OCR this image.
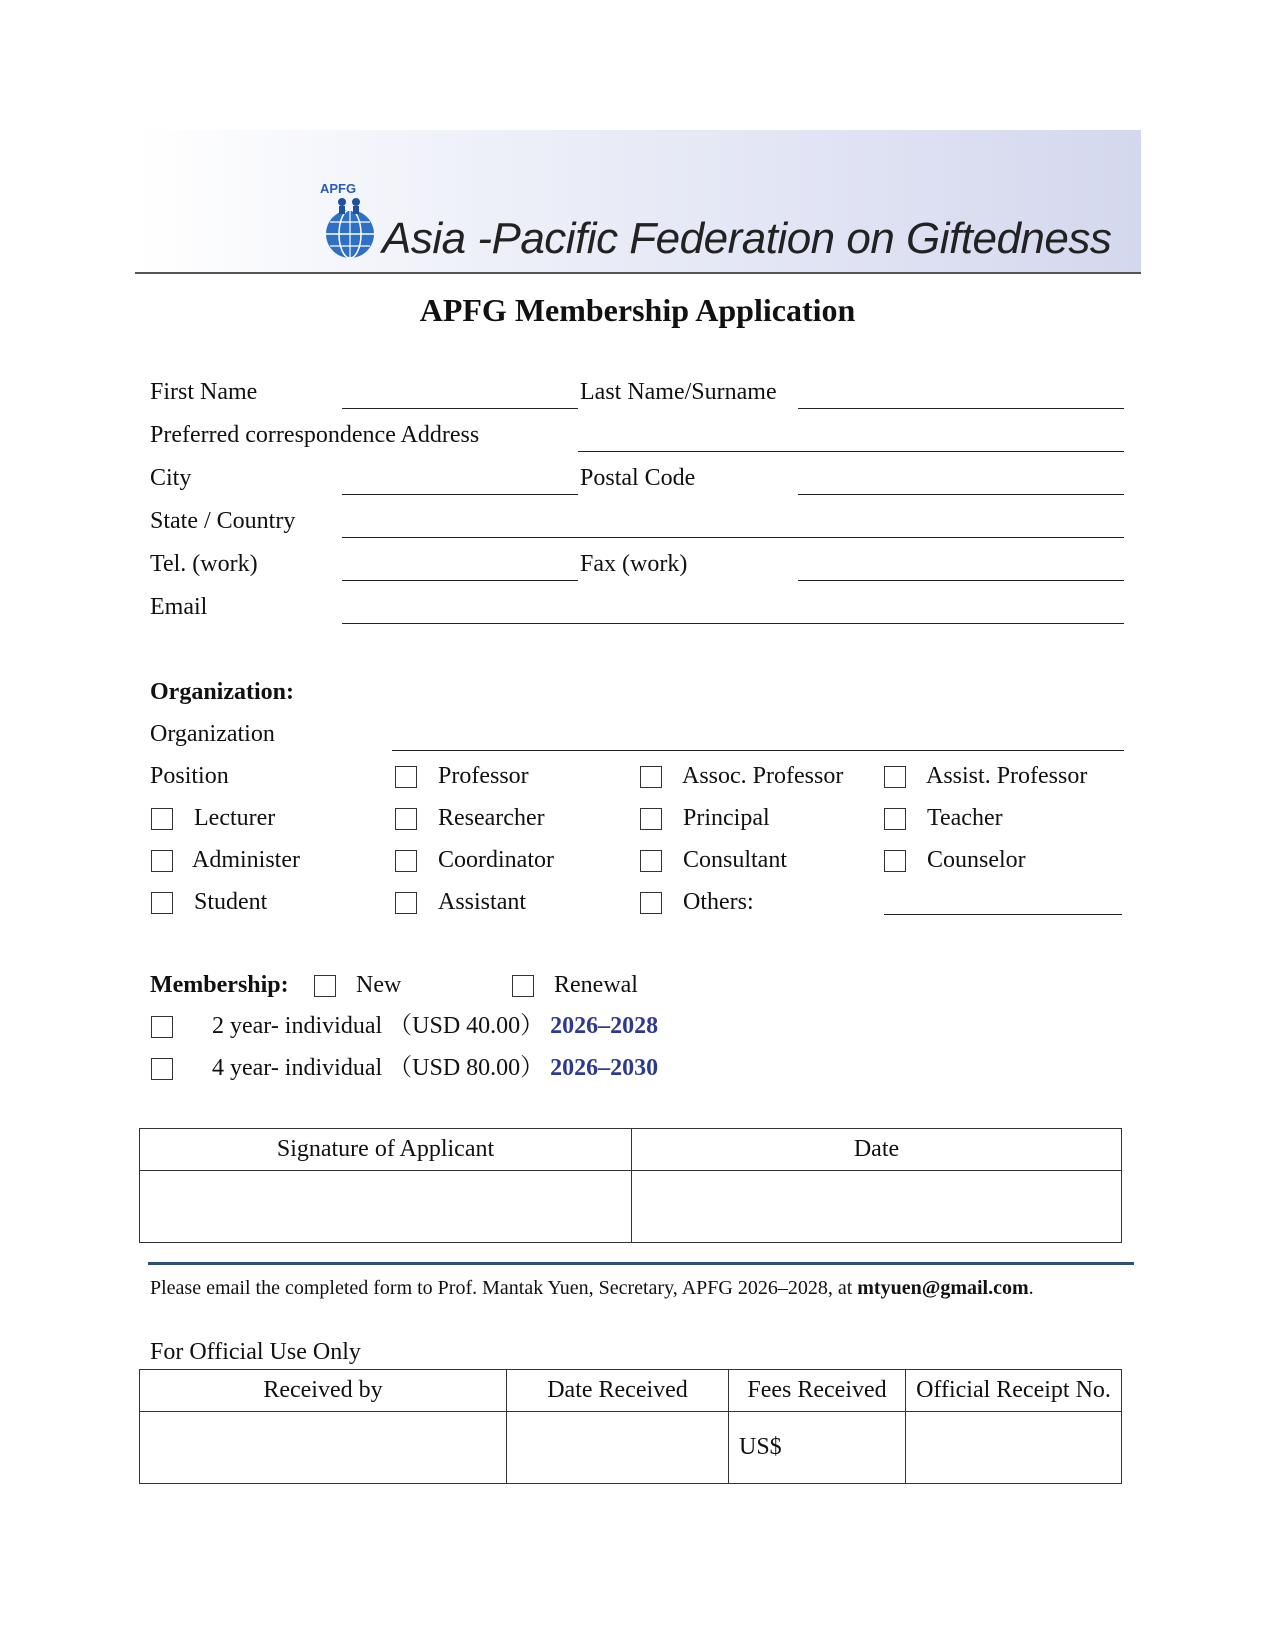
APFG
Asia -Pacific Federation on Giftedness
APFG Membership Application
First Name	Last Name/Surname
Preferred correspondence Address
City	Postal Code
State / Country
Tel. (work)	Fax (work)
Email
Organization:
Organization
Position	Professor	Assoc. Professor	Assist. Professor
Lecturer	Researcher	Principal	Teacher
Administer	Coordinator	Consultant	Counselor
Student	Assistant	Others:
Membership:	New	Renewal
2 year- individual （USD 40.00） 2026–2028
4 year- individual （USD 80.00） 2026–2030
Signature of Applicant	Date

Please email the completed form to Prof. Mantak Yuen, Secretary, APFG 2026–2028, at mtyuen@gmail.com.
For Official Use Only
Received by	Date Received	Fees Received	Official Receipt No.
		US$	
